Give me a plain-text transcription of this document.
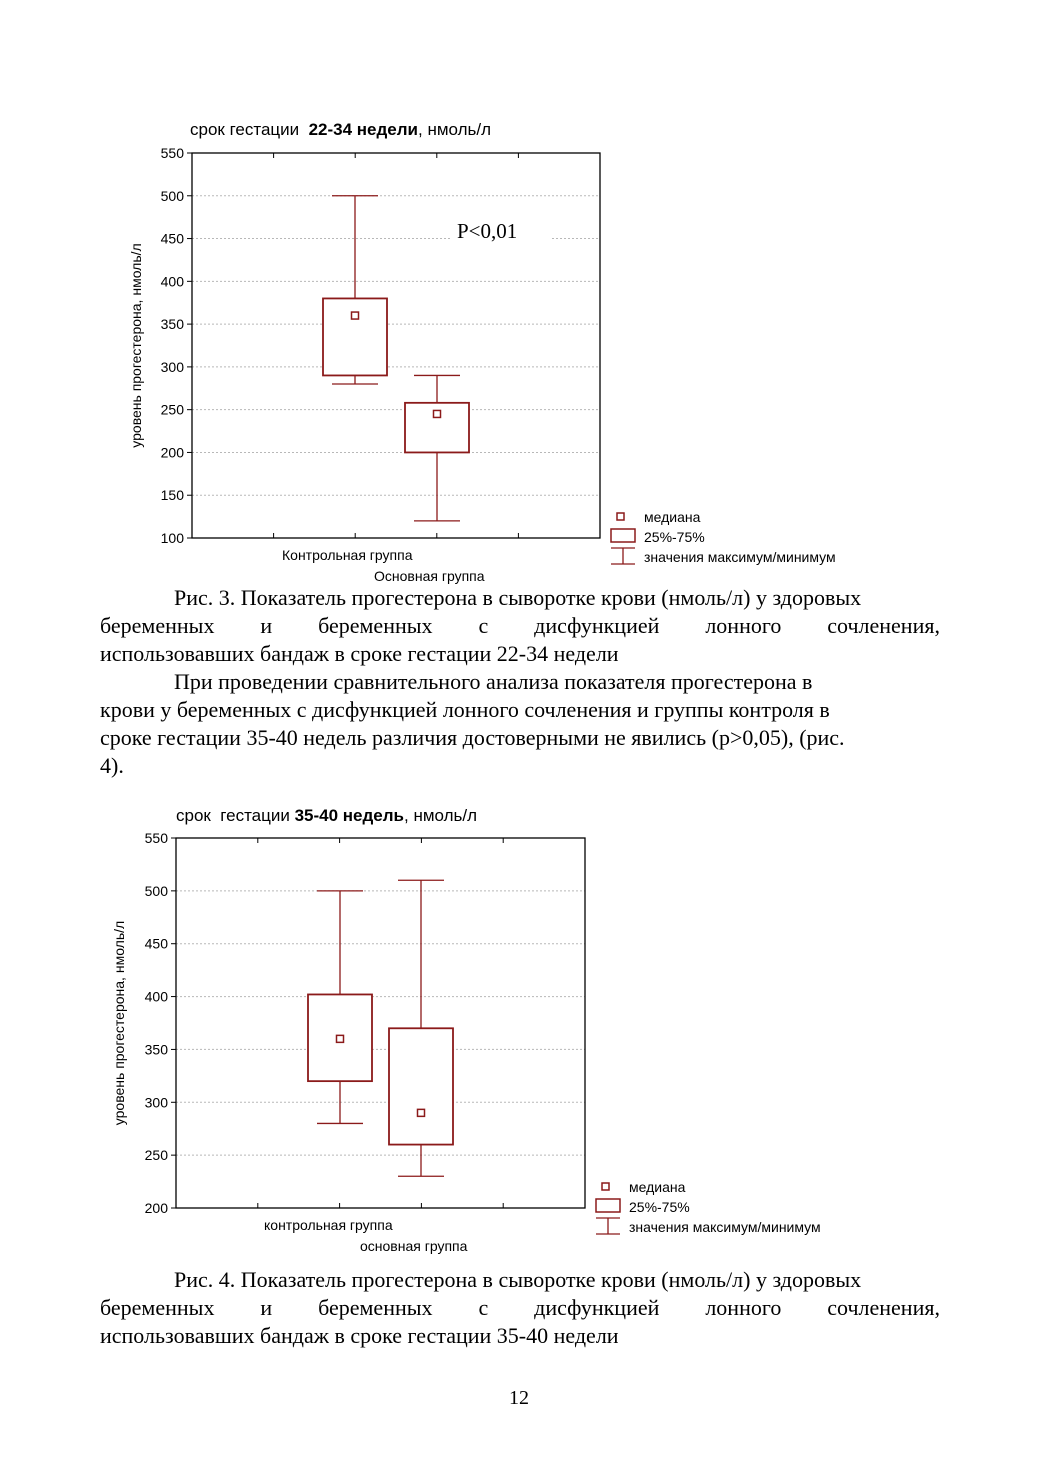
срок гестации  22-34 недели, нмоль/л
100
150
200
250
300
350
400
450
500
550
Контрольная группа
Основная группа
уровень прогестерона, нмоль/л
медиана
25%-75%
значения максимум/минимум
P<0,01
Рис. 3. Показатель прогестерона в сыворотке крови (нмоль/л) у здоровых
беременных и беременных с дисфункцией лонного сочленения,
использовавших бандаж в сроке гестации 22-34 недели
При проведении сравнительного анализа показателя прогестерона в
крови у беременных с дисфункцией лонного сочленения и группы контроля в
сроке гестации 35-40 недель различия достоверными не явились (р>0,05), (рис.
4).
срок  гестации 35-40 недель, нмоль/л
200
250
300
350
400
450
500
550
контрольная группа
основная группа
уровень прогестерона, нмоль/л
медиана
25%-75%
значения максимум/минимум
Рис. 4. Показатель прогестерона в сыворотке крови (нмоль/л) у здоровых
беременных и беременных с дисфункцией лонного сочленения,
использовавших бандаж в сроке гестации 35-40 недели
12
